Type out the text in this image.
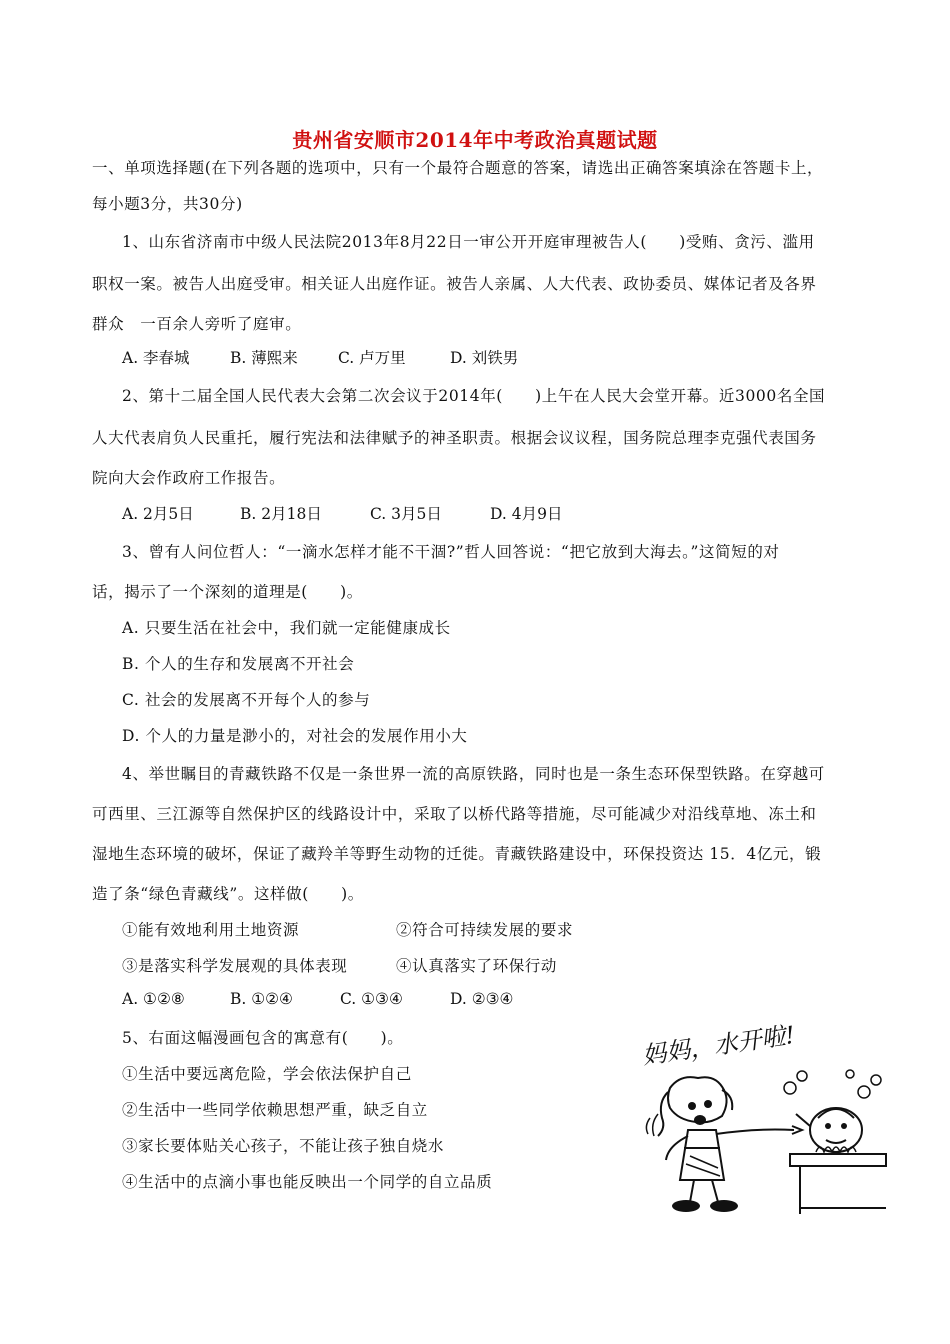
贵州省安顺市2014年中考政治真题试题
一、单项选择题(在下列各题的选项中，只有一个最符合题意的答案，请选出正确答案填涂在答题卡上，
每小题3分，共30分)
1、山东省济南市中级人民法院2013年8月22日一审公开开庭审理被告人(　　)受贿、贪污、滥用
职权一案。被告人出庭受审。相关证人出庭作证。被告人亲属、人大代表、政协委员、媒体记者及各界
群众　一百余人旁听了庭审。
A. 李春城	B. 薄熙来	C. 卢万里	D. 刘铁男
2、第十二届全国人民代表大会第二次会议于2014年(　　)上午在人民大会堂开幕。近3000名全国
人大代表肩负人民重托，履行宪法和法律赋予的神圣职责。根据会议议程，国务院总理李克强代表国务
院向大会作政府工作报告。
A. 2月5日	B. 2月18日	C. 3月5日	D. 4月9日
3、曾有人问位哲人：“一滴水怎样才能不干涸?”哲人回答说：“把它放到大海去。”这简短的对
话，揭示了一个深刻的道理是(　　)。
A. 只要生活在社会中，我们就一定能健康成长
B. 个人的生存和发展离不开社会
C. 社会的发展离不开每个人的参与
D. 个人的力量是渺小的，对社会的发展作用小大
4、举世瞩目的青藏铁路不仅是一条世界一流的高原铁路，同时也是一条生态环保型铁路。在穿越可
可西里、三江源等自然保护区的线路设计中，采取了以桥代路等措施，尽可能减少对沿线草地、冻土和
湿地生态环境的破坏，保证了藏羚羊等野生动物的迁徙。青藏铁路建设中，环保投资达 15．4亿元，锻
造了条“绿色青藏线”。这样做(　　)。
①能有效地利用土地资源	②符合可持续发展的要求
③是落实科学发展观的具体表现	④认真落实了环保行动
A. ①②⑧	B. ①②④	C. ①③④	D. ②③④
5、右面这幅漫画包含的寓意有(　　)。
①生活中要远离危险，学会依法保护自己
②生活中一些同学依赖思想严重，缺乏自立
③家长要体贴关心孩子，不能让孩子独自烧水
④生活中的点滴小事也能反映出一个同学的自立品质
妈妈，水开啦!
